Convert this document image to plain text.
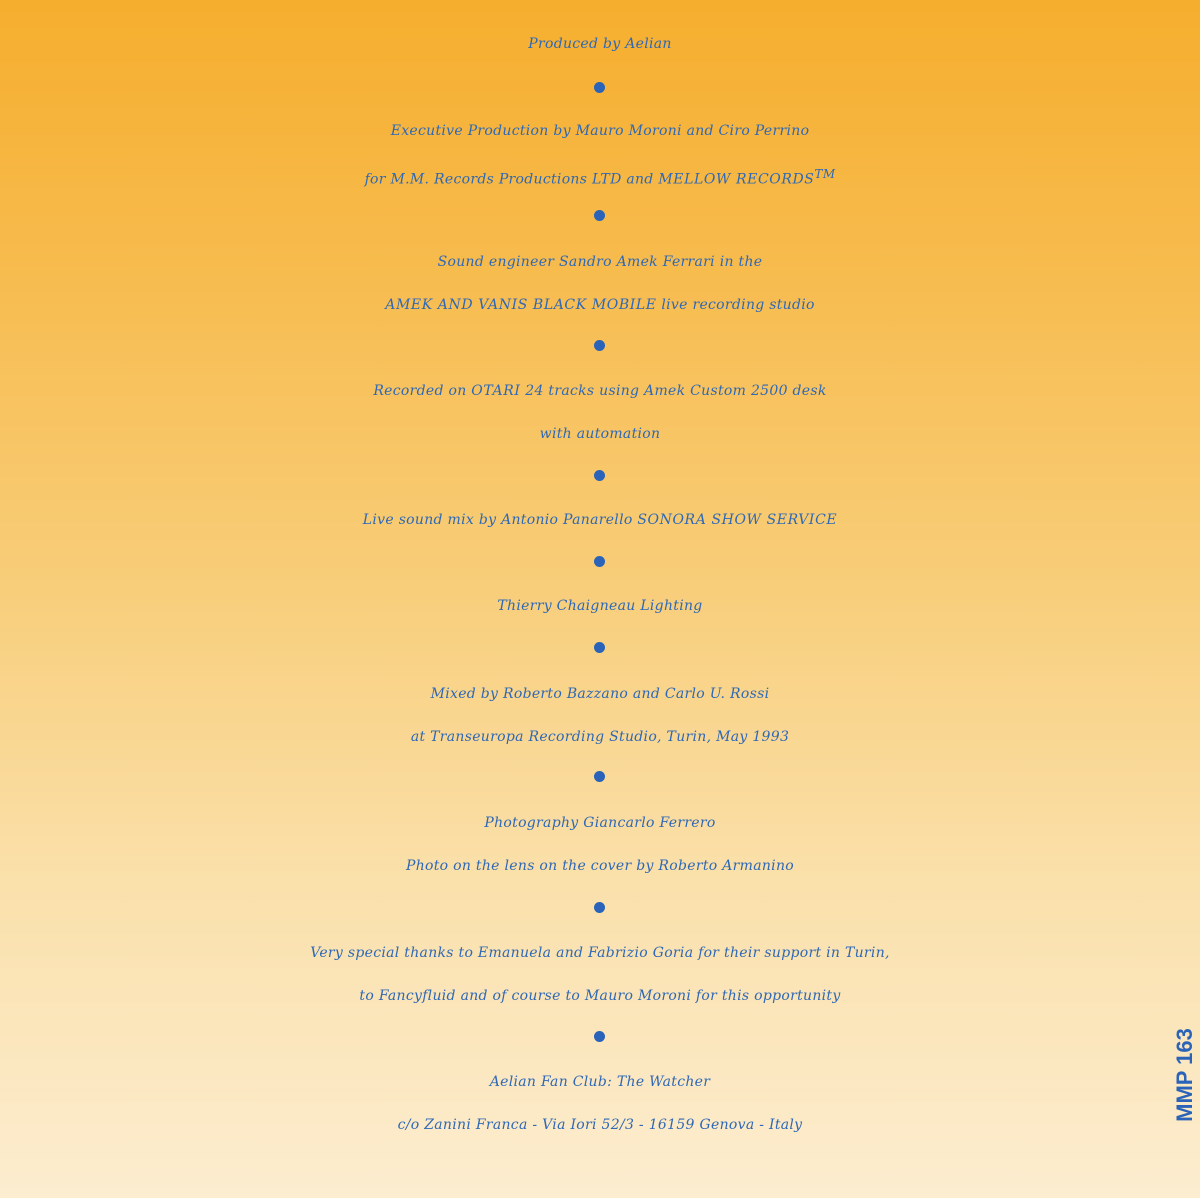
Produced by Aelian
Executive Production by Mauro Moroni and Ciro Perrino
for M.M. Records Productions LTD and MELLOW RECORDS™
Sound engineer Sandro Amek Ferrari in the
AMEK AND VANIS BLACK MOBILE live recording studio
Recorded on OTARI 24 tracks using Amek Custom 2500 desk
with automation
Live sound mix by Antonio Panarello SONORA SHOW SERVICE
Thierry Chaigneau Lighting
Mixed by Roberto Bazzano and Carlo U. Rossi
at Transeuropa Recording Studio, Turin, May 1993
Photography Giancarlo Ferrero
Photo on the lens on the cover by Roberto Armanino
Very special thanks to Emanuela and Fabrizio Goria for their support in Turin,
to Fancyfluid and of course to Mauro Moroni for this opportunity
Aelian Fan Club: The Watcher
c/o Zanini Franca - Via Iori 52/3 - 16159 Genova - Italy
MMP 163
